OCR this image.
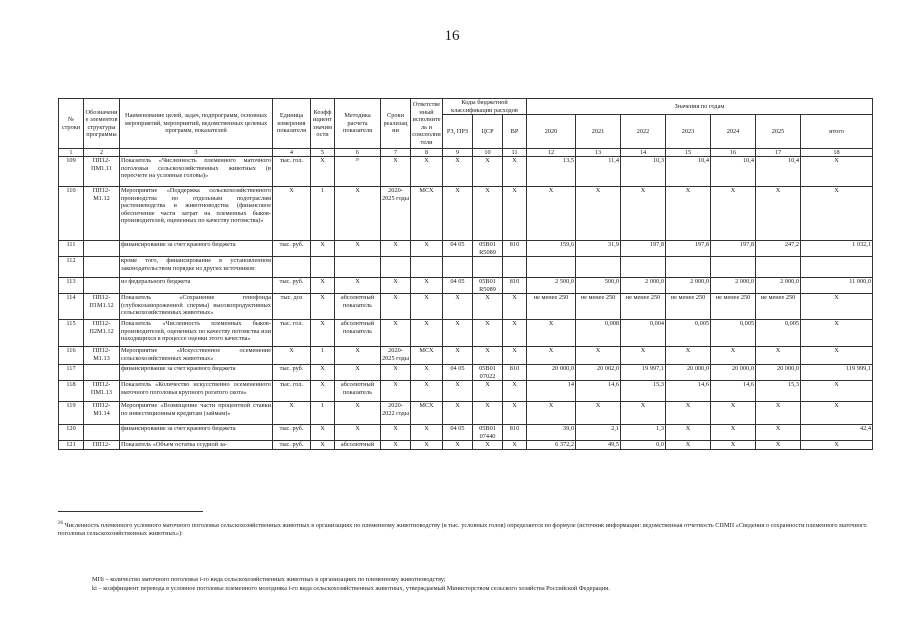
16
№ строки	Обозначение элементов структуры программы	Наименование целей, задач, подпрограмм, основных мероприятий, мероприятий, ведомственных целевых программ, показателей	Единица измерения показателя	Коэффициент значимости	Методика расчета показателя	Сроки реализации	Ответственный исполнитель и соисполнители	Коды бюджетной классификации расходов			Значения по годам						
								РЗ, ПРЗ	ЦСР	ВР	2020	2021	2022	2023	2024	2025	итого
1	2	3	4	5	6	7	8	9	10	11	12	13	14	15	16	17	18
109	ПП12-ПМ1.11	Показатель «Численность племенного маточного поголовья сельскохозяйственных животных (в пересчете на условные головы)»	тыс. гол.	Х	²⁶	Х	Х	Х	Х	Х	13,5	11,4	10,3	10,4	10,4	10,4	Х
110	ПП12-М1.12	Мероприятие «Поддержка сельскохозяйственного производства по отдельным подотраслям растениеводства и животноводства (финансовое обеспечение части затрат на племенных быков-производителей, оцененных по качеству потомства)»	Х	1	Х	2020-2025 годы	МСХ	Х	Х	Х	Х	Х	Х	Х	Х	Х	Х
111		финансирование за счет краевого бюджета	тыс. руб.	Х	Х	Х	Х	04 05	05В01 R5089	810	159,6	31,9	197,8	197,8	197,8	247,2	1 032,1
112		кроме того, финансирование в установленном законодательством порядке из других источников:															
113		из федерального бюджета	тыс. руб.	Х	Х	Х	Х	04 05	05В01 R5089	810	2 500,0	500,0	2 000,0	2 000,0	2 000,0	2 000,0	11 000,0
114	ПП12-П1М1.12	Показатель «Сохранение генофонда (глубокозамороженной спермы) высокопродуктивных сельскохозяйственных животных»	тыс. доз	Х	абсолютный показатель	Х	Х	Х	Х	Х	не менее 250	не менее 250	не менее 250	не менее 250	не менее 250	не менее 250	Х
115	ПП12-П2М1.12	Показатель «Численность племенных быков-производителей, оцененных по качеству потомства или находящихся в процессе оценки этого качества»	тыс. гол.	Х	абсолютный показатель	Х	Х	Х	Х	Х	Х	0,008	0,004	0,005	0,005	0,005	Х
116	ПП12-М1.13	Мероприятие «Искусственное осеменение сельскохозяйственных животных»	Х	1	Х	2020-2025 годы	МСХ	Х	Х	Х	Х	Х	Х	Х	Х	Х	Х
117		финансирование за счет краевого бюджета	тыс. руб.	Х	Х	Х	Х	04 05	05В01 07022	810	20 000,0	20 002,0	19 997,1	20 000,0	20 000,0	20 000,0	119 999,1
118	ПП12-ПМ1.13	Показатель «Количество искусственно осемененного маточного поголовья крупного рогатого скота»	тыс. гол.	Х	абсолютный показатель	Х	Х	Х	Х	Х	14	14,6	15,3	14,6	14,6	15,3	Х
119	ПП12-М1.14	Мероприятие «Возмещение части процентной ставки по инвестиционным кредитам (займам)»	Х	1	Х	2020-2022 годы	МСХ	Х	Х	Х	Х	Х	Х	Х	Х	Х	Х
120		финансирование за счет краевого бюджета	тыс. руб.	Х	Х	Х	Х	04 05	05В01 07440	810	39,0	2,1	1,3	Х	Х	Х	42,4
121	ПП12-	Показатель «Объем остатка ссудной за-	тыс. руб.	Х	абсолютный	Х	Х	Х	Х	Х	6 372,2	49,5	0,0	Х	Х	Х	Х
$^{26}$ Численность племенного условного маточного поголовья сельскохозяйственных животных в организациях по племенному животноводству (в тыс. условных голов) определяется по формуле (источник информации: ведомственная отчетность СПМП «Сведения о сохранности племенного маточного поголовья сельскохозяйственных животных»):
МПi – количество маточного поголовья i-го вида сельскохозяйственных животных в организациях по племенному животноводству;
ki – коэффициент перевода в условное поголовье племенного молодняка i-го вида сельскохозяйственных животных, утверждаемый Министерством сельского хозяйства Российской Федерации.
